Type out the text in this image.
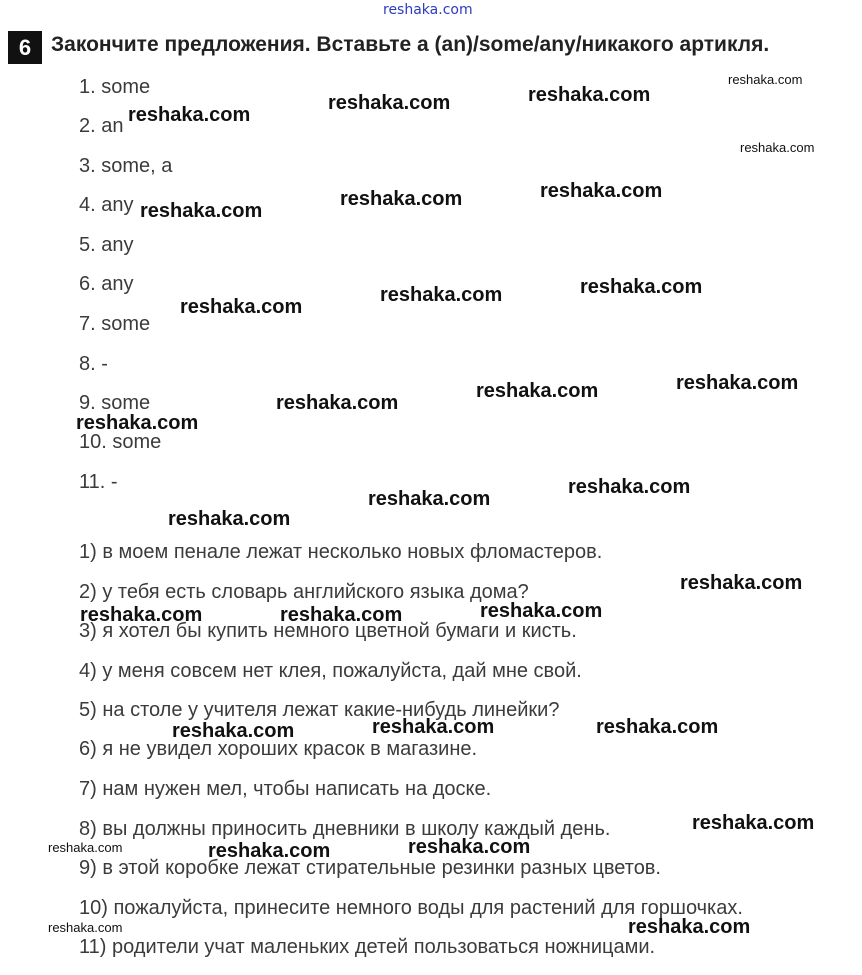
reshaka.com
6 Закончите предложения. Вставьте a (an)/some/any/никакого артикля.
1. some
2. an
3. some, a
4. any
5. any
6. any
7. some
8. -
9. some
10. some
11. -
1) в моем пенале лежат несколько новых фломастеров.
2) у тебя есть словарь английского языка дома?
3) я хотел бы купить немного цветной бумаги и кисть.
4) у меня совсем нет клея, пожалуйста, дай мне свой.
5) на столе у учителя лежат какие-нибудь линейки?
6) я не увидел хороших красок в магазине.
7) нам нужен мел, чтобы написать на доске.
8) вы должны приносить дневники в школу каждый день.
9) в этой коробке лежат стирательные резинки разных цветов.
10) пожалуйста, принесите немного воды для растений для горшочках.
11) родители учат маленьких детей пользоваться ножницами.
reshaka.com
reshaka.com	reshaka.com
reshaka.com
reshaka.com
reshaka.com
reshaka.com	reshaka.com
reshaka.com
reshaka.com	reshaka.com
reshaka.com
reshaka.com	reshaka.com
reshaka.com
reshaka.com
reshaka.com
reshaka.com
reshaka.com
reshaka.com	reshaka.com	reshaka.com
reshaka.com	reshaka.com	reshaka.com
reshaka.com
reshaka.com	reshaka.com	reshaka.com
reshaka.com	reshaka.com
